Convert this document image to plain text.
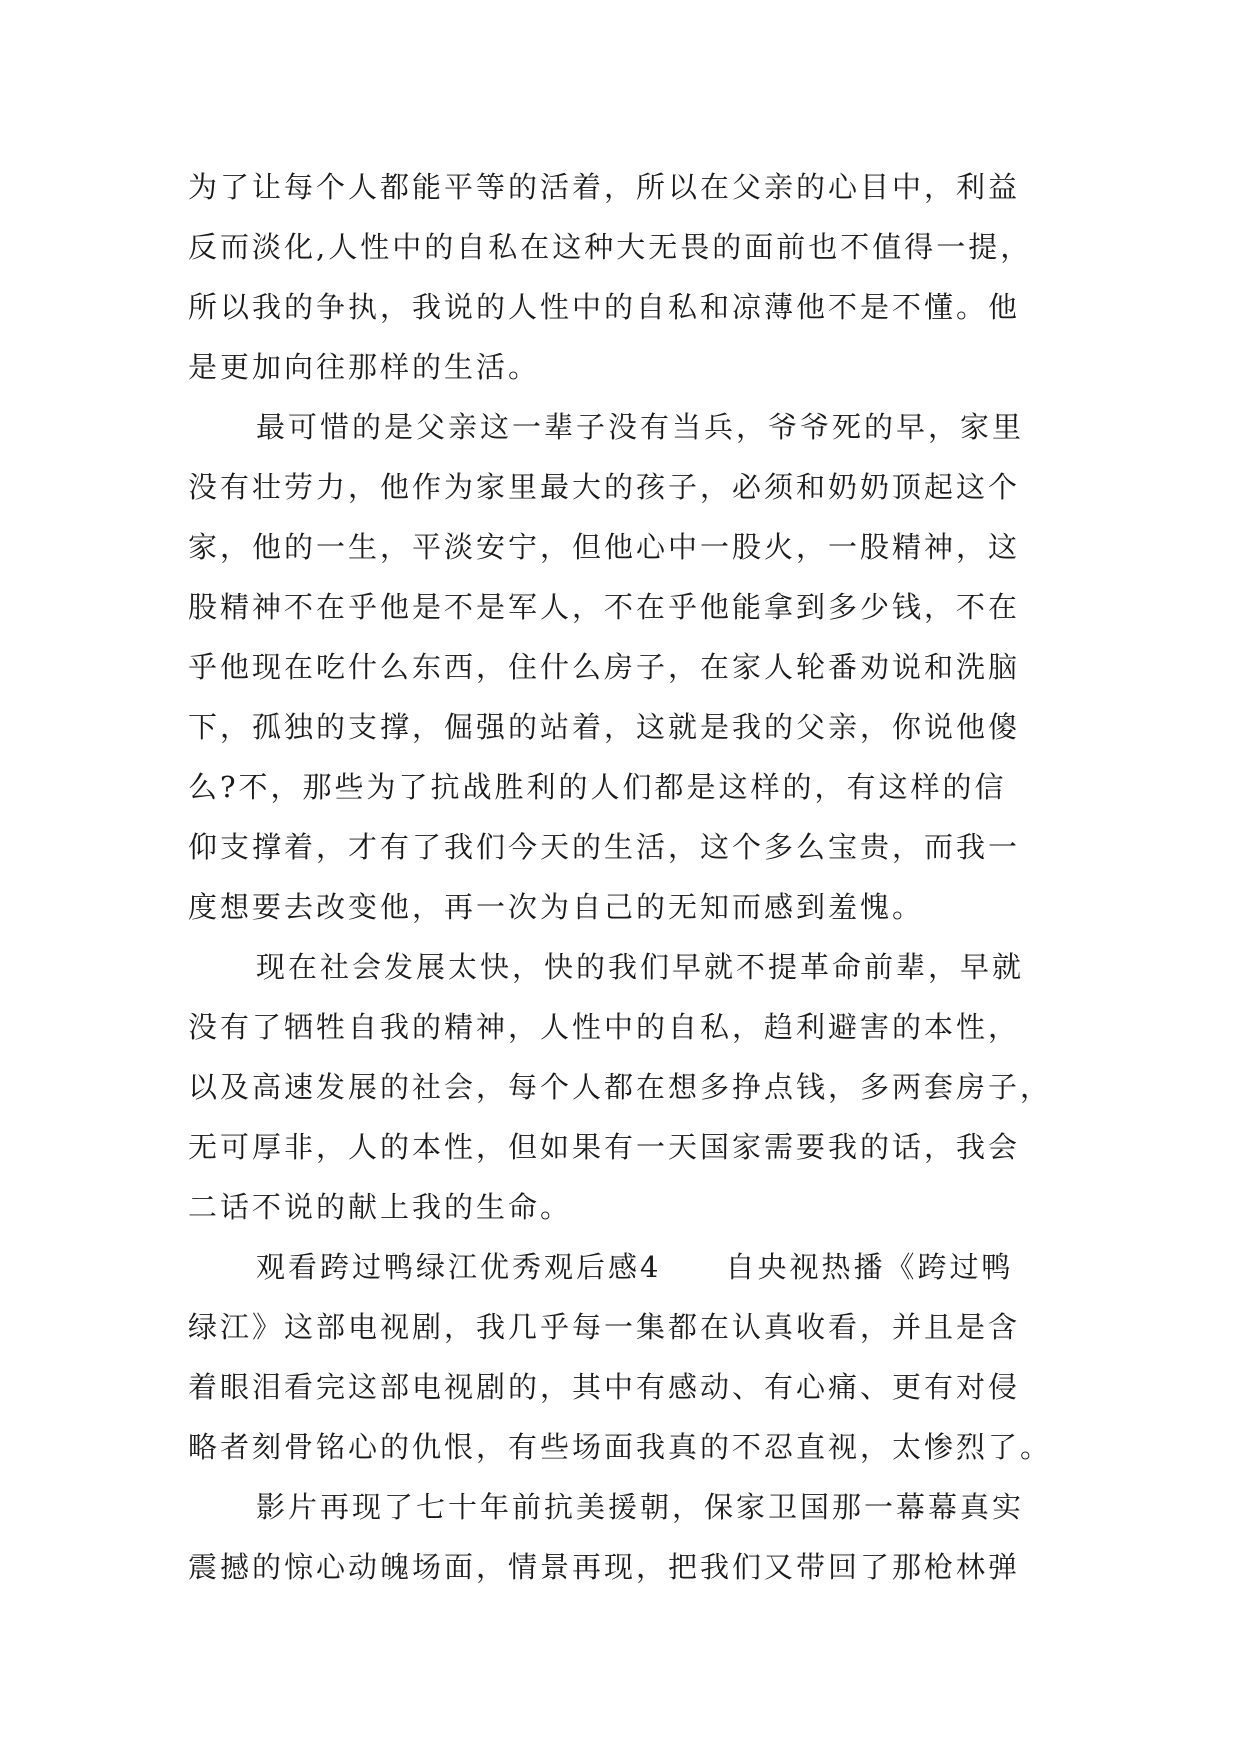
为了让每个人都能平等的活着，所以在父亲的心目中，利益
反而淡化,人性中的自私在这种大无畏的面前也不值得一提，
所以我的争执，我说的人性中的自私和凉薄他不是不懂。他
是更加向往那样的生活。
最可惜的是父亲这一辈子没有当兵，爷爷死的早，家里
没有壮劳力，他作为家里最大的孩子，必须和奶奶顶起这个
家，他的一生，平淡安宁，但他心中一股火，一股精神，这
股精神不在乎他是不是军人，不在乎他能拿到多少钱，不在
乎他现在吃什么东西，住什么房子，在家人轮番劝说和洗脑
下，孤独的支撑，倔强的站着，这就是我的父亲，你说他傻
么?不，那些为了抗战胜利的人们都是这样的，有这样的信
仰支撑着，才有了我们今天的生活，这个多么宝贵，而我一
度想要去改变他，再一次为自己的无知而感到羞愧。
现在社会发展太快，快的我们早就不提革命前辈，早就
没有了牺牲自我的精神，人性中的自私，趋利避害的本性，
以及高速发展的社会，每个人都在想多挣点钱，多两套房子，
无可厚非，人的本性，但如果有一天国家需要我的话，我会
二话不说的献上我的生命。
观看跨过鸭绿江优秀观后感4　　自央视热播《跨过鸭
绿江》这部电视剧，我几乎每一集都在认真收看，并且是含
着眼泪看完这部电视剧的，其中有感动、有心痛、更有对侵
略者刻骨铭心的仇恨，有些场面我真的不忍直视，太惨烈了。
影片再现了七十年前抗美援朝，保家卫国那一幕幕真实
震撼的惊心动魄场面，情景再现，把我们又带回了那枪林弹
